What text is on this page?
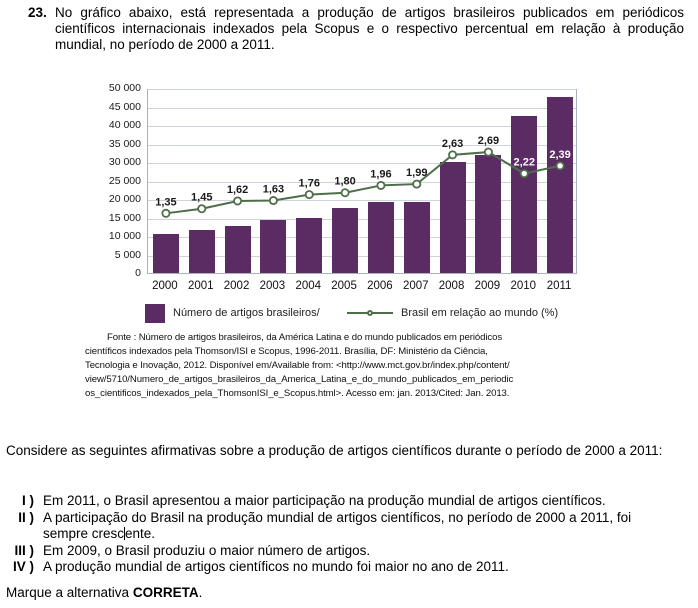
23. No gráfico abaixo, está representada a produção de artigos brasileiros publicados em periódicos científicos internacionais indexados pela Scopus e o respectivo percentual em relação à produção mundial, no período de 2000 a 2011.
0
5 000
10 000
15 000
20 000
25 000
30 000
35 000
40 000
45 000
50 000
1,35 1,45
1,62 1,63 1,76 1,80
1,96 1,99
2,63 2,69
2,22
2,39
2000 2001 2002 2003 2004 2005 2006 2007 2008 2009 2010 2011
Número de artigos brasileiros/	Brasil em relação ao mundo (%)
Fonte : Número de artigos brasileiros, da América Latina e do mundo publicados em periódicos
científicos indexados pela Thomson/ISI e Scopus, 1996-2011. Brasília, DF: Ministério da Ciência,
Tecnologia e Inovação, 2012. Disponível em/Available from: <http://www.mct.gov.br/index.php/content/
view/5710/Numero_de_artigos_brasileiros_da_America_Latina_e_do_mundo_publicados_em_periodic
os_cientificos_indexados_pela_ThomsonISI_e_Scopus.html>. Acesso em: jan. 2013/Cited: Jan. 2013.
Considere as seguintes afirmativas sobre a produção de artigos científicos durante o período de 2000 a 2011:
I ) Em 2011, o Brasil apresentou a maior participação na produção mundial de artigos científicos.
II ) A participação do Brasil na produção mundial de artigos científicos, no período de 2000 a 2011, foi sempre crescente.
III ) Em 2009, o Brasil produziu o maior número de artigos.
IV ) A produção mundial de artigos científicos no mundo foi maior no ano de 2011.
Marque a alternativa CORRETA.
